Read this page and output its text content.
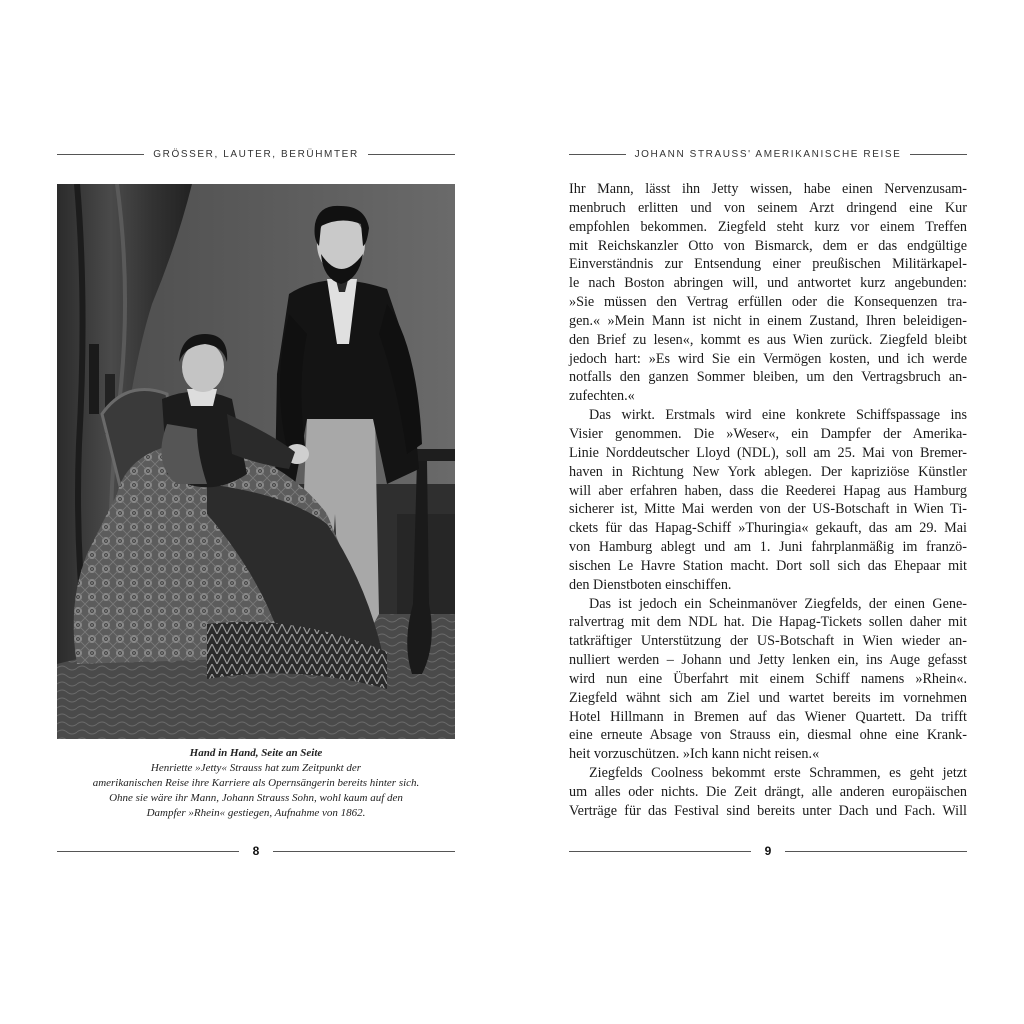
GRÖSSER, LAUTER, BERÜHMTER
Hand in Hand, Seite an Seite
Henriette »Jetty« Strauss hat zum Zeitpunkt der
amerikanischen Reise ihre Karriere als Opernsängerin bereits hinter sich.
Ohne sie wäre ihr Mann, Johann Strauss Sohn, wohl kaum auf den
Dampfer »Rhein« gestiegen, Aufnahme von 1862.
8
JOHANN STRAUSS' AMERIKANISCHE REISE
Ihr Mann, lässt ihn Jetty wissen, habe einen Nervenzusam-
menbruch erlitten und von seinem Arzt dringend eine Kur
empfohlen bekommen. Ziegfeld steht kurz vor einem Treffen
mit Reichskanzler Otto von Bismarck, dem er das endgültige
Einverständnis zur Entsendung einer preußischen Militärkapel-
le nach Boston abringen will, und antwortet kurz angebunden:
»Sie müssen den Vertrag erfüllen oder die Konsequenzen tra-
gen.« »Mein Mann ist nicht in einem Zustand, Ihren beleidigen-
den Brief zu lesen«, kommt es aus Wien zurück. Ziegfeld bleibt
jedoch hart: »Es wird Sie ein Vermögen kosten, und ich werde
notfalls den ganzen Sommer bleiben, um den Vertragsbruch an-
zufechten.«
Das wirkt. Erstmals wird eine konkrete Schiffspassage ins
Visier genommen. Die »Weser«, ein Dampfer der Amerika-
Linie Norddeutscher Lloyd (NDL), soll am 25. Mai von Bremer-
haven in Richtung New York ablegen. Der kapriziöse Künstler
will aber erfahren haben, dass die Reederei Hapag aus Hamburg
sicherer ist, Mitte Mai werden von der US-Botschaft in Wien Ti-
ckets für das Hapag-Schiff »Thuringia« gekauft, das am 29. Mai
von Hamburg ablegt und am 1. Juni fahrplanmäßig im franzö-
sischen Le Havre Station macht. Dort soll sich das Ehepaar mit
den Dienstboten einschiffen.
Das ist jedoch ein Scheinmanöver Ziegfelds, der einen Gene-
ralvertrag mit dem NDL hat. Die Hapag-Tickets sollen daher mit
tatkräftiger Unterstützung der US-Botschaft in Wien wieder an-
nulliert werden – Johann und Jetty lenken ein, ins Auge gefasst
wird nun eine Überfahrt mit einem Schiff namens »Rhein«.
Ziegfeld wähnt sich am Ziel und wartet bereits im vornehmen
Hotel Hillmann in Bremen auf das Wiener Quartett. Da trifft
eine erneute Absage von Strauss ein, diesmal ohne eine Krank-
heit vorzuschützen. »Ich kann nicht reisen.«
Ziegfelds Coolness bekommt erste Schrammen, es geht jetzt
um alles oder nichts. Die Zeit drängt, alle anderen europäischen
Verträge für das Festival sind bereits unter Dach und Fach. Will
9
